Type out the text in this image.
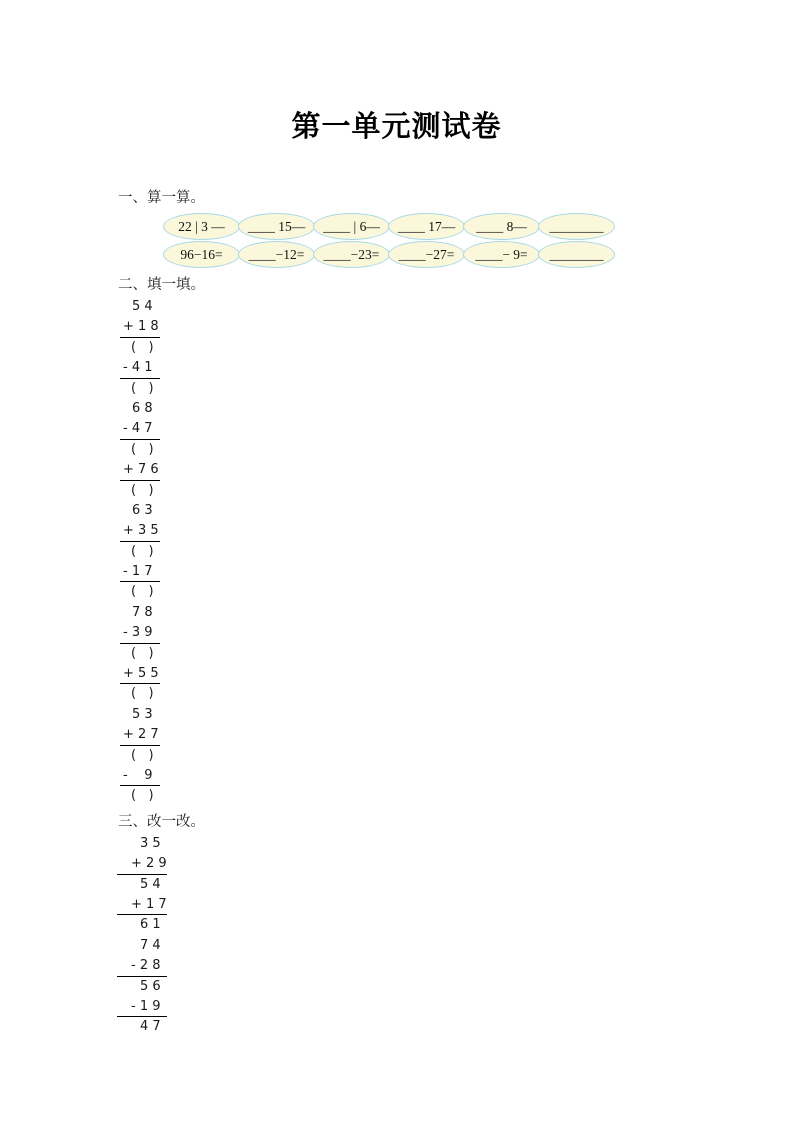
第一单元测试卷
一、算一算。
22 | 3 —	____ 15—	____ | 6—	____ 17—	____ 8—	________
96−16=	____−12=	____−23=	____−27=	____− 9=	________
二、填一填。
5 4
+ 1 8
(   )
- 4 1
(   )
6 8
- 4 7
(   )
+ 7 6
(   )
6 3
+ 3 5
(   )
- 1 7
(   )
7 8
- 3 9
(   )
+ 5 5
(   )
5 3
+ 2 7
(   )
-    9
(   )
三、改一改。
3 5
+ 2 9
5 4
+ 1 7
6 1
7 4
- 2 8
5 6
- 1 9
4 7
